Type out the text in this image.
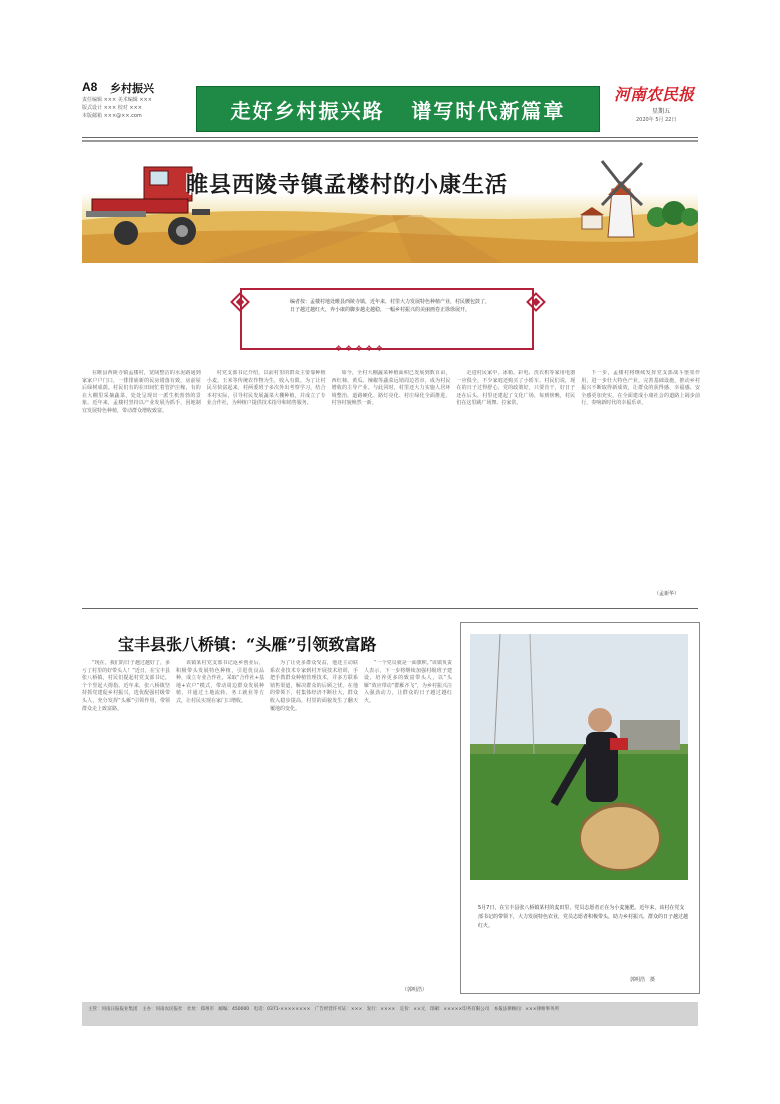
A8 乡村振兴
责任编辑 ××× 美术编辑 ×××
版式设计 ××× 校对 ×××
本版邮箱 ×××@××.com	走好乡村振兴路   谱写时代新篇章
河南农民报
星期五
2020年 5月 22日
睢县西陵寺镇孟楼村的小康生活
编者按：孟楼村地处睢县西陵寺镇，近年来，村里大力发展特色种植产业，村民腰包鼓了，日子越过越红火，奔小康的脚步越走越稳，一幅乡村振兴的美丽画卷正徐徐展开。
❖❖❖❖❖
在睢县西陵寺镇孟楼村，宽阔整洁的水泥路通到家家户户门口，一排排崭新的民房错落有致，房前屋后绿树成荫。村民们有的在田间忙着管护庄稼，有的在大棚里采摘蔬菜，处处呈现出一派生机勃勃的景象。近年来，孟楼村坚持以产业发展为抓手，因地制宜发展特色种植，带动群众增收致富。
村党支部书记介绍，以前村里的群众主要靠种植小麦、玉米等传统农作物为生，收入有限。为了让村民尽快富起来，村两委班子多次外出考察学习，结合本村实际，引导村民发展蔬菜大棚种植，并成立了专业合作社，为种植户提供技术指导和销售服务。
如今，全村大棚蔬菜种植面积已发展到数百亩，西红柿、黄瓜、辣椒等蔬菜远销周边省市，成为村民增收的主导产业。与此同时，村里还大力实施人居环境整治，道路硬化、路灯亮化、村庄绿化全面推进，村容村貌焕然一新。
走进村民家中，冰箱、彩电、洗衣机等家用电器一应俱全，不少家庭还购买了小轿车。村民们说，现在的日子过得舒心，党的政策好，只要肯干，好日子还在后头。村里还建起了文化广场，每到傍晚，村民们在这里跳广场舞、拉家常。
下一步，孟楼村将继续发挥党支部战斗堡垒作用，进一步壮大特色产业，完善基础设施，推动乡村振兴不断取得新成效，让群众的获得感、幸福感、安全感更加充实，在全面建成小康社会的道路上阔步前行，奏响新时代的幸福乐章。
（孟新华）
宝丰县张八桥镇：“头雁”引领致富路
“现在，我们的日子越过越好了，多亏了村里的好带头人！”近日，在宝丰县张八桥镇，村民们提起村党支部书记，个个竖起大拇指。近年来，张八桥镇坚持抓党建促乡村振兴，选优配强村级带头人，充分发挥“头雁”引领作用，带领群众走上致富路。
该镇某村党支部书记返乡创业后，积极带头发展特色种植，引进优良品种，成立专业合作社，采取“合作社+基地+农户”模式，带动周边群众发展种植，并通过土地流转、务工就业等方式，让村民实现在家门口增收。
为了让更多群众受益，他还主动联系农业技术专家到村开展技术培训，手把手教群众种植管理技术，并多方联系销售渠道，解决群众的后顾之忧。在他的带领下，村集体经济不断壮大，群众收入稳步提高，村里的面貌发生了翻天覆地的变化。
“一个党员就是一面旗帜。”该镇负责人表示，下一步将继续加强村级班子建设，培养更多的致富带头人，以“头雁”效应带动“群雁齐飞”，为乡村振兴注入强劲动力，让群众的日子越过越红火。
（郭明浩）
5月7日，在宝丰县张八桥镇某村的麦田里，党员志愿者正在为小麦施肥。近年来，该村在党支部书记的带领下，大力发展特色农业，党员志愿者积极带头，助力乡村振兴，群众的日子越过越红火。
郭明浩　摄
主管：河南日报报业集团　主办：河南农民报社　社址：郑州市　邮编：450000　电话：0371-××××××××　广告经营许可证：×××　发行：××××　定价：××元　印刷：×××××印务有限公司　本报法律顾问：×××律师事务所
